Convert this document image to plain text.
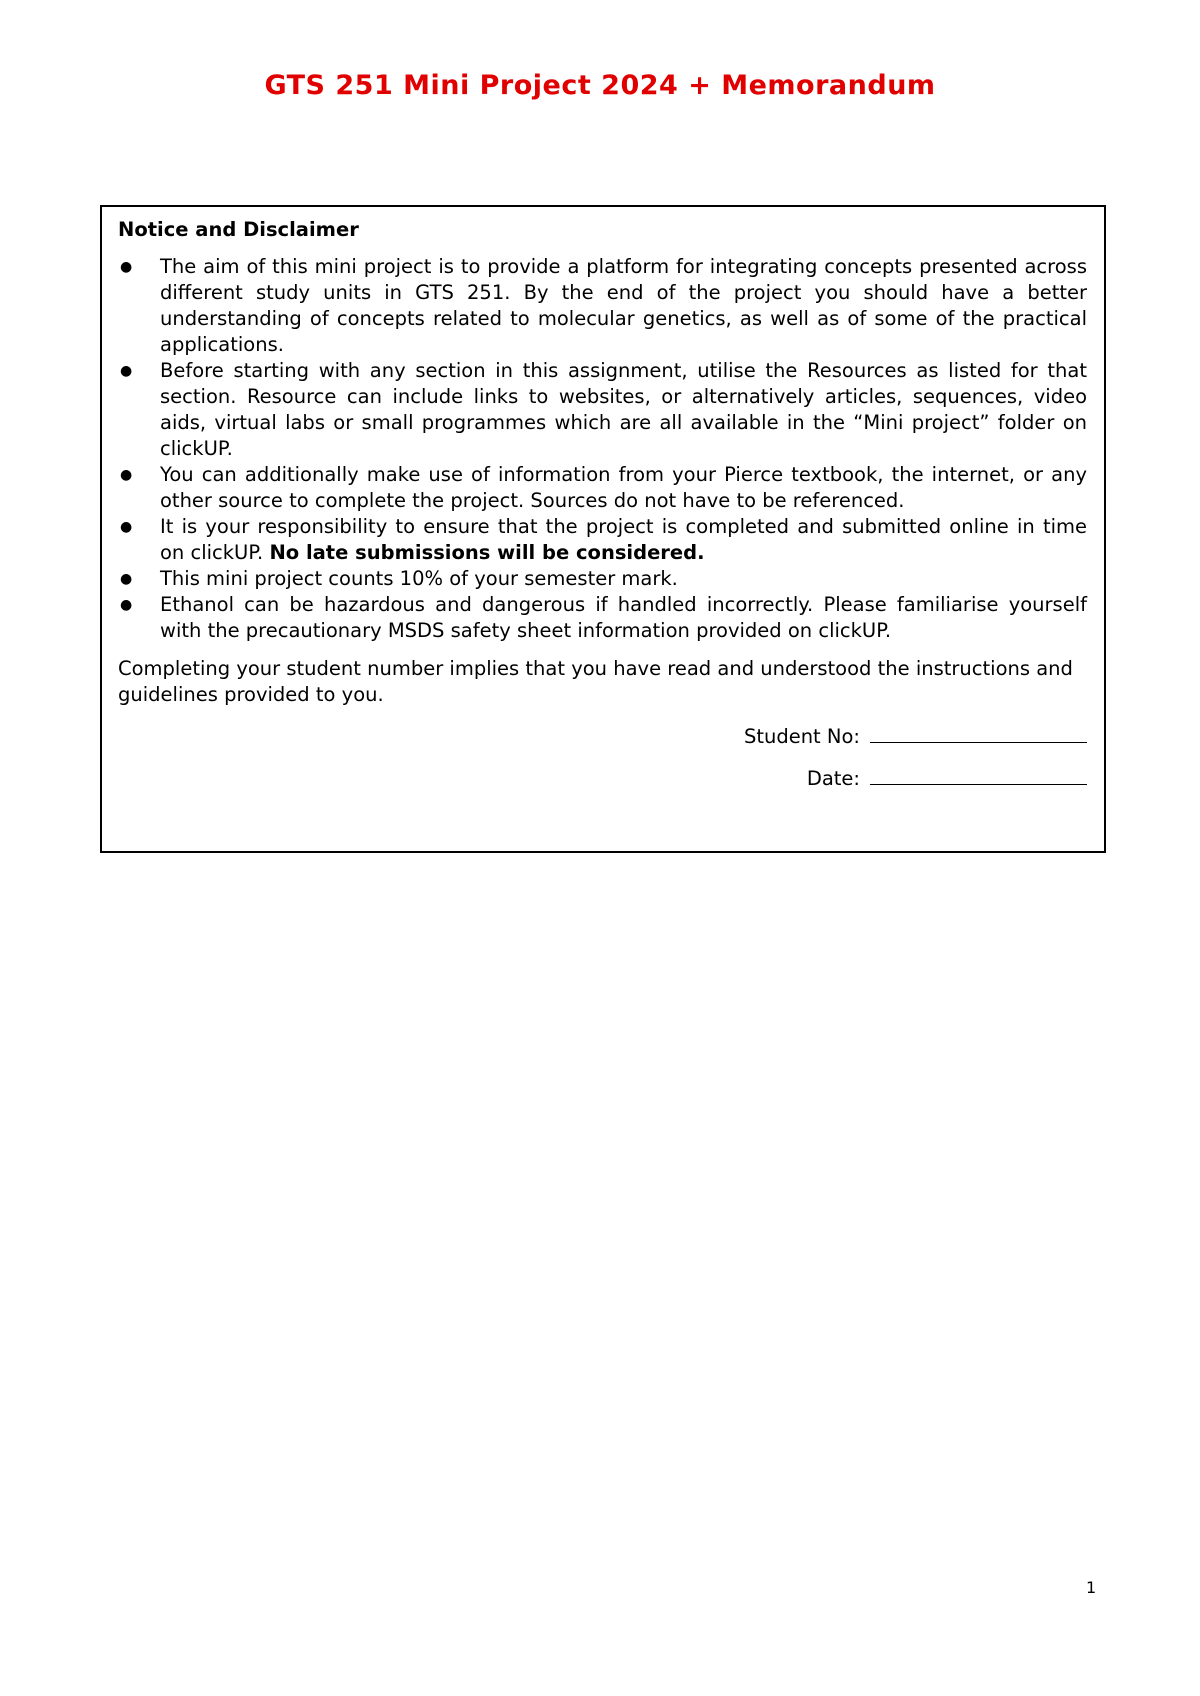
GTS 251 Mini Project 2024 + Memorandum
Notice and Disclaimer
● The aim of this mini project is to provide a platform for integrating concepts presented across different study units in GTS 251. By the end of the project you should have a better understanding of concepts related to molecular genetics, as well as of some of the practical applications.
● Before starting with any section in this assignment, utilise the Resources as listed for that section. Resource can include links to websites, or alternatively articles, sequences, video aids, virtual labs or small programmes which are all available in the “Mini project” folder on clickUP.
● You can additionally make use of information from your Pierce textbook, the internet, or any other source to complete the project. Sources do not have to be referenced.
● It is your responsibility to ensure that the project is completed and submitted online in time on clickUP. No late submissions will be considered.
● This mini project counts 10% of your semester mark.
● Ethanol can be hazardous and dangerous if handled incorrectly. Please familiarise yourself with the precautionary MSDS safety sheet information provided on clickUP.
Completing your student number implies that you have read and understood the instructions and guidelines provided to you.
Student No:
Date:
1
